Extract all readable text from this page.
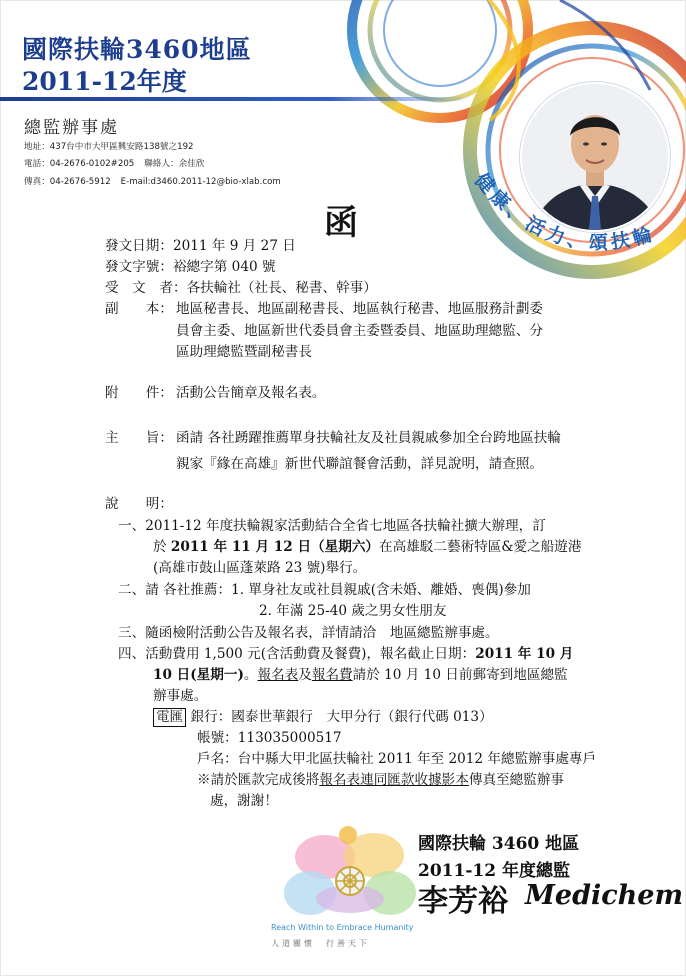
國際扶輪3460地區
2011-12年度
總監辦事處
地址：437台中市大甲區興安路138號之192
電話：04-2676-0102#205 聯絡人：余佳欣
傳真：04-2676-5912 E-mail:d3460.2011-12@bio-xlab.com	健康、活力、頌扶輪
函
發文日期：2011 年 9 月 27 日
發文字號：裕總字第 040 號
受　文　者：各扶輪社（社長、秘書、幹事）
副　　本： 地區秘書長、地區副秘書長、地區執行秘書、地區服務計劃委
員會主委、地區新世代委員會主委暨委員、地區助理總監、分
區助理總監暨副秘書長
附　　件： 活動公告簡章及報名表。
主　　旨： 函請 各社踴躍推薦單身扶輪社友及社員親戚參加全台跨地區扶輪
親家『緣在高雄』新世代聯誼餐會活動，詳見說明，請查照。
說　　明：
一、2011-12 年度扶輪親家活動結合全省七地區各扶輪社擴大辦理，訂
於 2011 年 11 月 12 日（星期六）在高雄駁二藝術特區&愛之船遊港
(高雄市鼓山區蓬萊路 23 號)舉行。
二、請 各社推薦：1. 單身社友或社員親戚(含未婚、離婚、喪偶)參加
2. 年滿 25-40 歲之男女性朋友
三、隨函檢附活動公告及報名表，詳情請洽　地區總監辦事處。
四、活動費用 1,500 元(含活動費及餐費)，報名截止日期：2011 年 10 月
10 日(星期一)。報名表及報名費請於 10 月 10 日前郵寄到地區總監
辦事處。
電匯 銀行：國泰世華銀行　大甲分行（銀行代碼 013）
帳號：113035000517
戶名：台中縣大甲北區扶輪社 2011 年至 2012 年總監辦事處專戶
※請於匯款完成後將報名表連同匯款收據影本傳真至總監辦事
處，謝謝！
Reach Within to Embrace Humanity
人道關懷　行善天下
國際扶輪 3460 地區
2011-12 年度總監
李芳裕 Medichem
